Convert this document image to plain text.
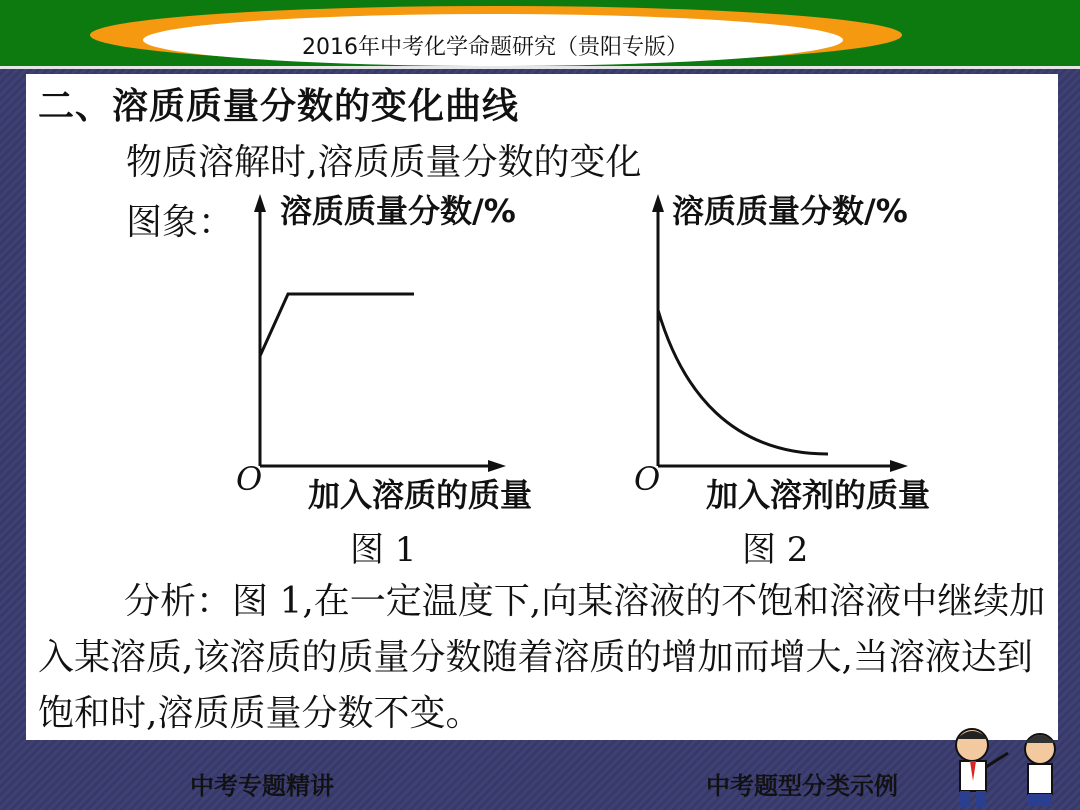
2016年中考化学命题研究（贵阳专版）
二、溶质质量分数的变化曲线
物质溶解时,溶质质量分数的变化
图象： 溶质质量分数/%
O 加入溶质的质量
图 1
溶质质量分数/%
O 加入溶剂的质量
图 2
分析：图 1,在一定温度下,向某溶液的不饱和溶液中继续加入某溶质,该溶质的质量分数随着溶质的增加而增大,当溶液达到饱和时,溶质质量分数不变。
中考专题精讲	中考题型分类示例
